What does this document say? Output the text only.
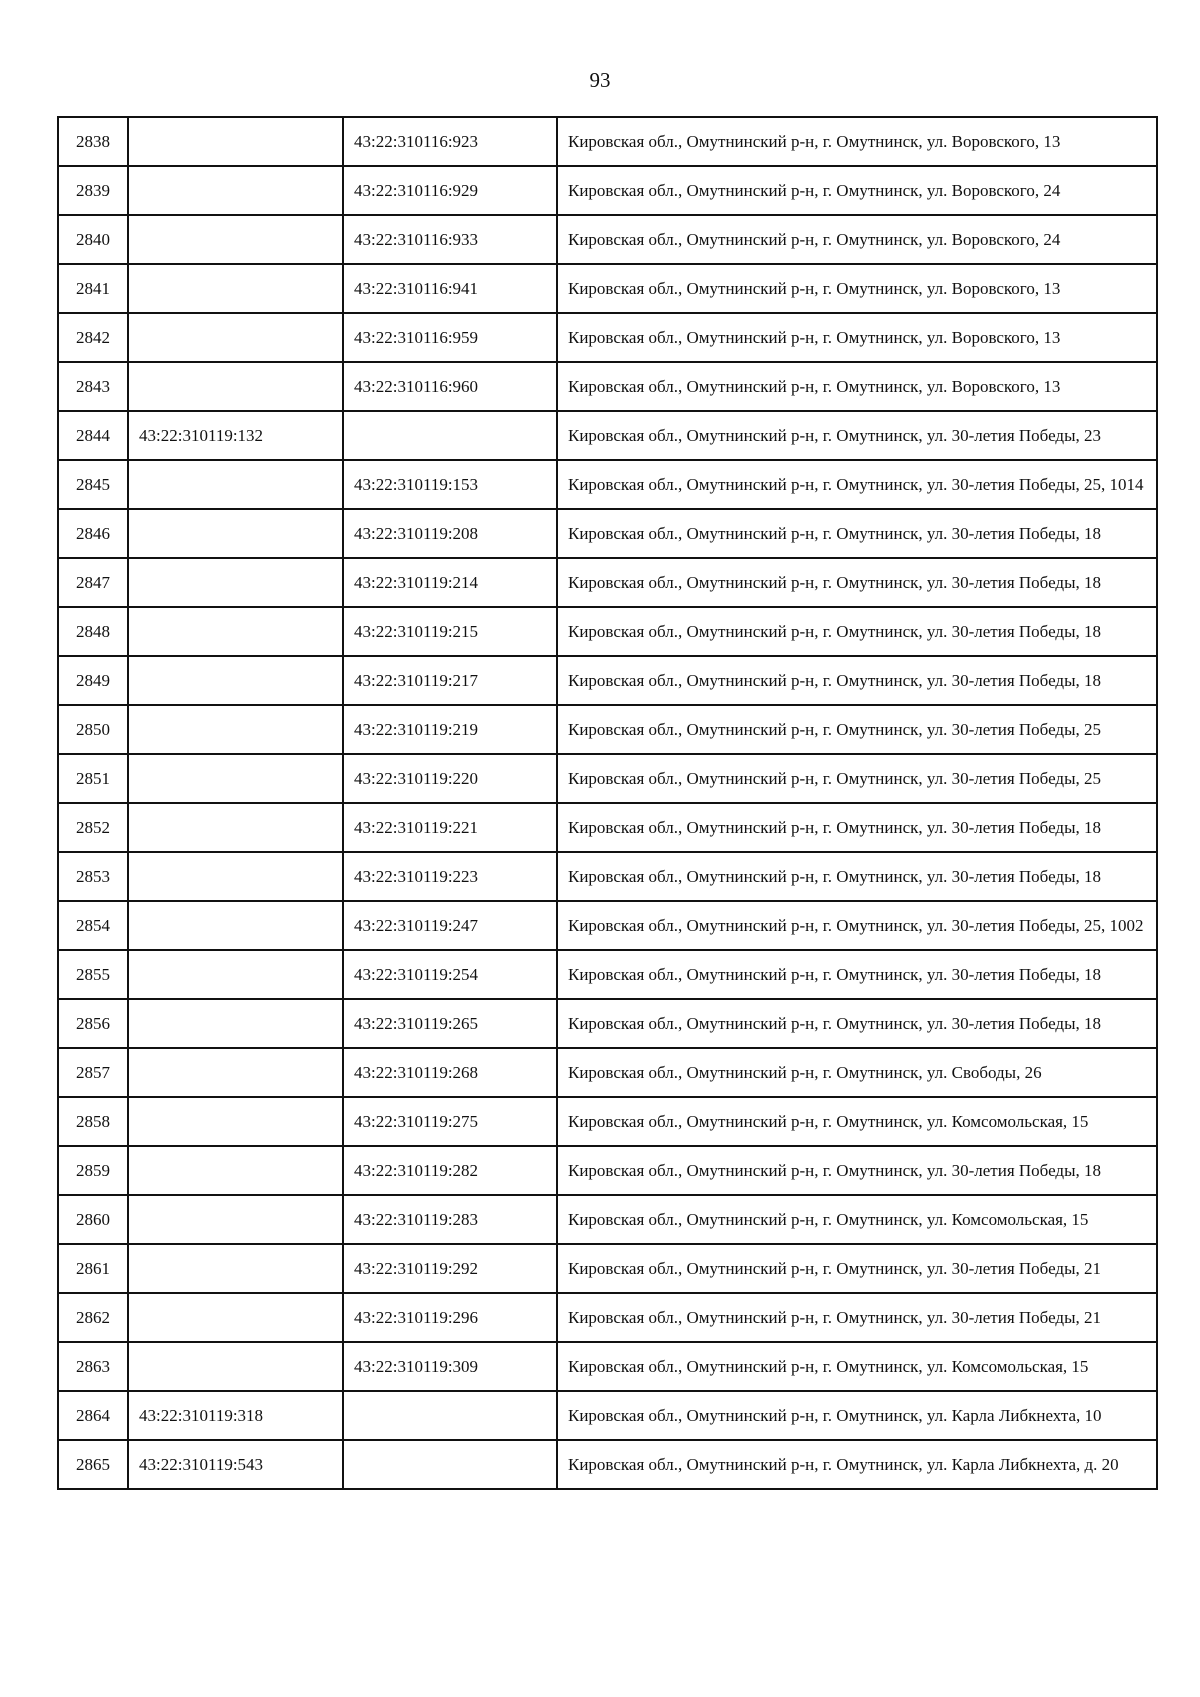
93
2838		43:22:310116:923	Кировская обл., Омутнинский р-н, г. Омутнинск, ул. Воровского, 13
2839		43:22:310116:929	Кировская обл., Омутнинский р-н, г. Омутнинск, ул. Воровского, 24
2840		43:22:310116:933	Кировская обл., Омутнинский р-н, г. Омутнинск, ул. Воровского, 24
2841		43:22:310116:941	Кировская обл., Омутнинский р-н, г. Омутнинск, ул. Воровского, 13
2842		43:22:310116:959	Кировская обл., Омутнинский р-н, г. Омутнинск, ул. Воровского, 13
2843		43:22:310116:960	Кировская обл., Омутнинский р-н, г. Омутнинск, ул. Воровского, 13
2844	43:22:310119:132		Кировская обл., Омутнинский р-н, г. Омутнинск, ул. 30-летия Победы, 23
2845		43:22:310119:153	Кировская обл., Омутнинский р-н, г. Омутнинск, ул. 30-летия Победы, 25, 1014
2846		43:22:310119:208	Кировская обл., Омутнинский р-н, г. Омутнинск, ул. 30-летия Победы, 18
2847		43:22:310119:214	Кировская обл., Омутнинский р-н, г. Омутнинск, ул. 30-летия Победы, 18
2848		43:22:310119:215	Кировская обл., Омутнинский р-н, г. Омутнинск, ул. 30-летия Победы, 18
2849		43:22:310119:217	Кировская обл., Омутнинский р-н, г. Омутнинск, ул. 30-летия Победы, 18
2850		43:22:310119:219	Кировская обл., Омутнинский р-н, г. Омутнинск, ул. 30-летия Победы, 25
2851		43:22:310119:220	Кировская обл., Омутнинский р-н, г. Омутнинск, ул. 30-летия Победы, 25
2852		43:22:310119:221	Кировская обл., Омутнинский р-н, г. Омутнинск, ул. 30-летия Победы, 18
2853		43:22:310119:223	Кировская обл., Омутнинский р-н, г. Омутнинск, ул. 30-летия Победы, 18
2854		43:22:310119:247	Кировская обл., Омутнинский р-н, г. Омутнинск, ул. 30-летия Победы, 25, 1002
2855		43:22:310119:254	Кировская обл., Омутнинский р-н, г. Омутнинск, ул. 30-летия Победы, 18
2856		43:22:310119:265	Кировская обл., Омутнинский р-н, г. Омутнинск, ул. 30-летия Победы, 18
2857		43:22:310119:268	Кировская обл., Омутнинский р-н, г. Омутнинск, ул. Свободы, 26
2858		43:22:310119:275	Кировская обл., Омутнинский р-н, г. Омутнинск, ул. Комсомольская, 15
2859		43:22:310119:282	Кировская обл., Омутнинский р-н, г. Омутнинск, ул. 30-летия Победы, 18
2860		43:22:310119:283	Кировская обл., Омутнинский р-н, г. Омутнинск, ул. Комсомольская, 15
2861		43:22:310119:292	Кировская обл., Омутнинский р-н, г. Омутнинск, ул. 30-летия Победы, 21
2862		43:22:310119:296	Кировская обл., Омутнинский р-н, г. Омутнинск, ул. 30-летия Победы, 21
2863		43:22:310119:309	Кировская обл., Омутнинский р-н, г. Омутнинск, ул. Комсомольская, 15
2864	43:22:310119:318		Кировская обл., Омутнинский р-н, г. Омутнинск, ул. Карла Либкнехта, 10
2865	43:22:310119:543		Кировская обл., Омутнинский р-н, г. Омутнинск, ул. Карла Либкнехта, д. 20
